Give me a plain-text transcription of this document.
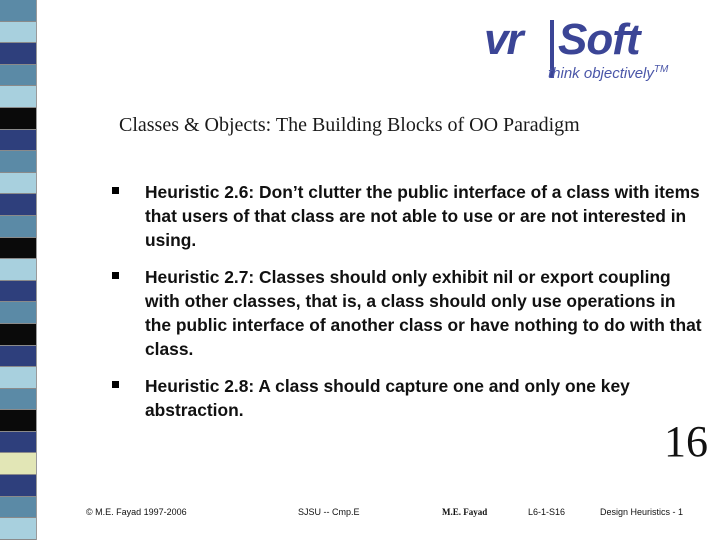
vr Soft
think objectively™
Classes & Objects: The Building Blocks of OO Paradigm
Heuristic 2.6: Don’t clutter the public interface of a class with items that users of that class are not able to use or are not interested in using.
Heuristic 2.7: Classes should only exhibit nil or export coupling with other classes, that is, a class should only use operations in the public interface of another class or have nothing to do with that class.
Heuristic 2.8: A class should capture one and only one key abstraction.
16
© M.E. Fayad 1997-2006	SJSU -- Cmp.E	M.E. Fayad	L6-1-S16	Design Heuristics - 1
